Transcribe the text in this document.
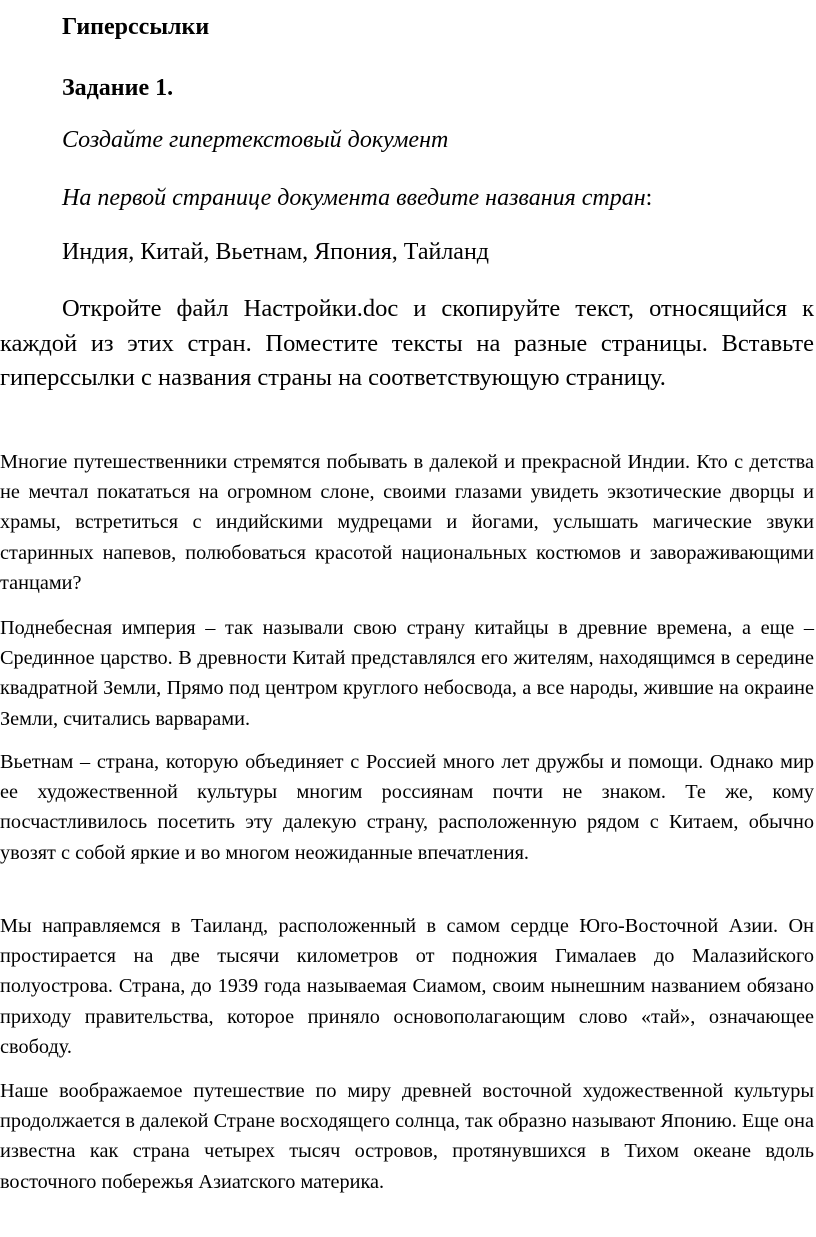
Гиперссылки
Задание 1.
Создайте гипертекстовый документ
На первой странице документа введите названия стран:
Индия, Китай, Вьетнам, Япония, Тайланд
Откройте файл Настройки.doc и скопируйте текст, относящийся к каждой из этих стран. Поместите тексты на разные страницы. Вставьте гиперссылки с названия страны на соответствующую страницу.
Многие путешественники стремятся побывать в далекой и прекрасной Индии. Кто с детства не мечтал покататься на огромном слоне, своими глазами увидеть экзотические дворцы и храмы, встретиться с индийскими мудрецами и йогами, услышать магические звуки старинных напевов, полюбоваться красотой национальных костюмов и завораживающими танцами?
Поднебесная империя – так называли свою страну китайцы в древние времена, а еще – Срединное царство. В древности Китай представлялся его жителям, находящимся в середине квадратной Земли, Прямо под центром круглого небосвода, а все народы, жившие на окраине Земли, считались варварами.
Вьетнам – страна, которую объединяет с Россией много лет дружбы и помощи. Однако мир ее художественной культуры многим россиянам почти не знаком. Те же, кому посчастливилось посетить эту далекую страну, расположенную рядом с Китаем, обычно увозят с собой яркие и во многом неожиданные впечатления.
Мы направляемся в Таиланд, расположенный в самом сердце Юго-Восточной Азии. Он простирается на две тысячи километров от подножия Гималаев до Малазийского полуострова. Страна, до 1939 года называемая Сиамом, своим нынешним названием обязано приходу правительства, которое приняло основополагающим слово «тай», означающее свободу.
Наше воображаемое путешествие по миру древней восточной художественной культуры продолжается в далекой Стране восходящего солнца, так образно называют Японию. Еще она известна как страна четырех тысяч островов, протянувшихся в Тихом океане вдоль восточного побережья Азиатского материка.
